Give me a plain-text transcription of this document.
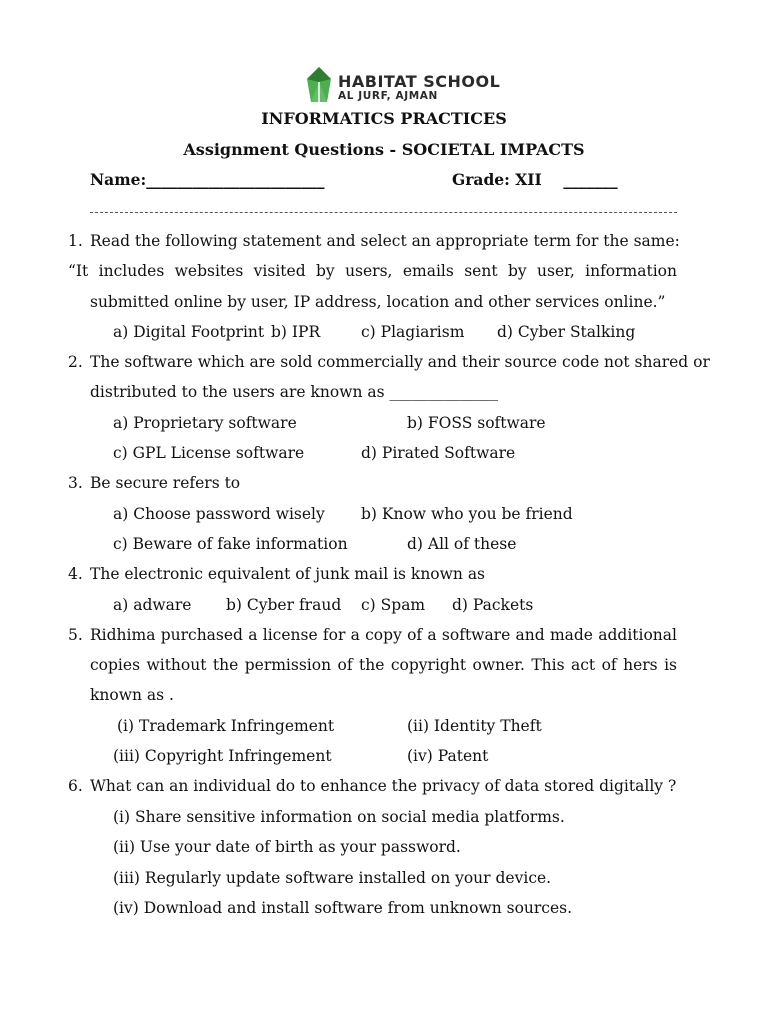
HABITAT SCHOOL
AL JURF, AJMAN
INFORMATICS PRACTICES
Assignment Questions - SOCIETAL IMPACTS
Name:_______________________	Grade: XII _______
1. Read the following statement and select an appropriate term for the same:
“It includes websites visited by users, emails sent by user, information
submitted online by user, IP address, location and other services online.”
a) Digital Footprint b) IPR	c) Plagiarism d) Cyber Stalking
2. The software which are sold commercially and their source code not shared or
distributed to the users are known as ______________
a) Proprietary software	b) FOSS software
c) GPL License software	d) Pirated Software
3. Be secure refers to
a) Choose password wisely b) Know who you be friend
c) Beware of fake information	d) All of these
4. The electronic equivalent of junk mail is known as
a) adware b) Cyber fraud c) Spam d) Packets
5. Ridhima purchased a license for a copy of a software and made additional
copies without the permission of the copyright owner. This act of hers is
known as .
(i) Trademark Infringement	(ii) Identity Theft
(iii) Copyright Infringement	(iv) Patent
6. What can an individual do to enhance the privacy of data stored digitally ?
(i) Share sensitive information on social media platforms.
(ii) Use your date of birth as your password.
(iii) Regularly update software installed on your device.
(iv) Download and install software from unknown sources.
